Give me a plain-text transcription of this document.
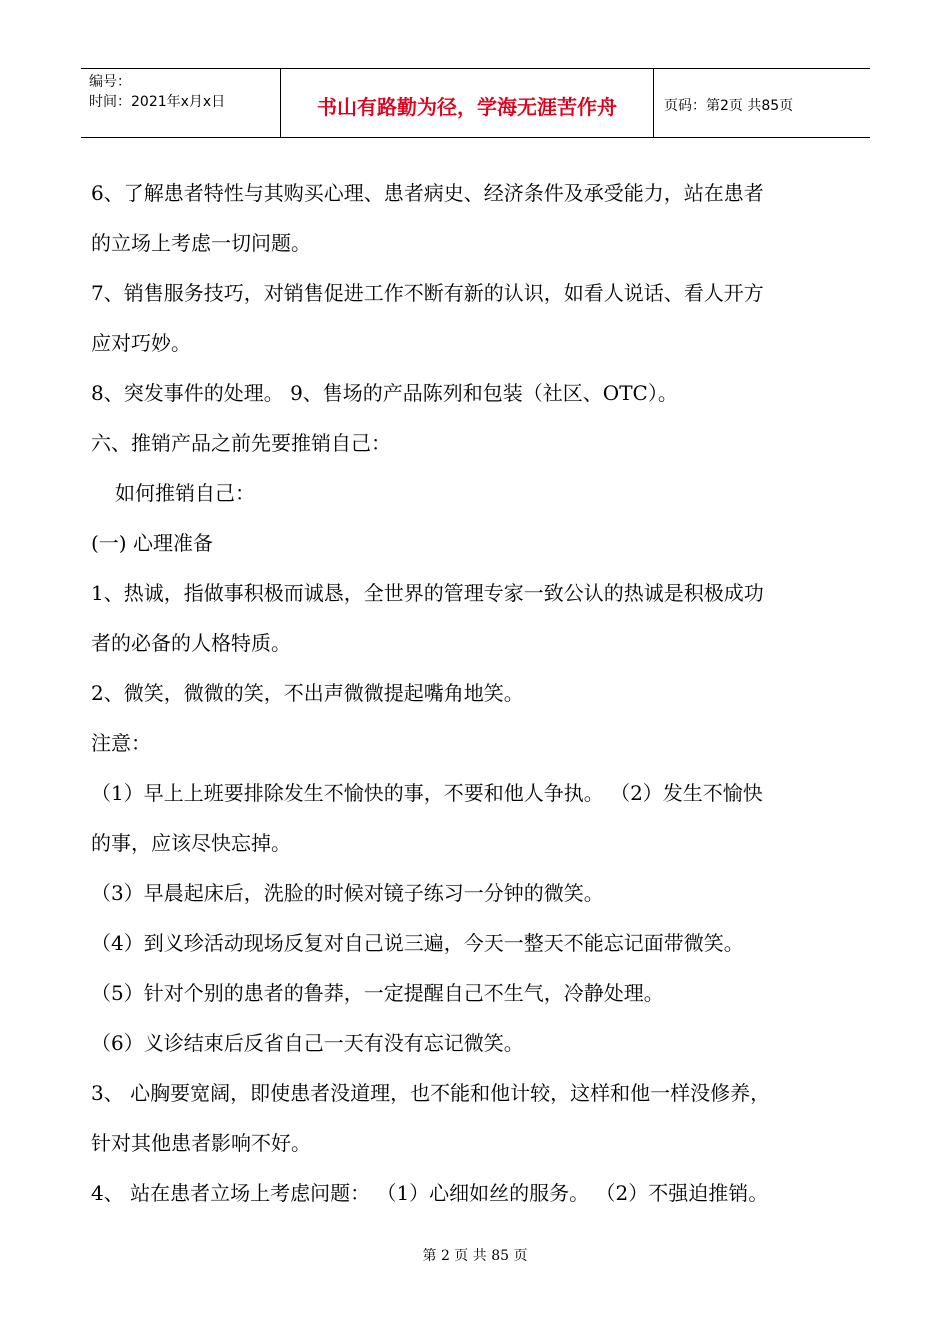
编号：
时间：2021年x月x日	书山有路勤为径，学海无涯苦作舟	页码：第2页 共85页
6、了解患者特性与其购买心理、患者病史、经济条件及承受能力，站在患者
的立场上考虑一切问题。
7、销售服务技巧，对销售促进工作不断有新的认识，如看人说话、看人开方
应对巧妙。
8、突发事件的处理。 9、售场的产品陈列和包装（社区、OTC）。
六、推销产品之前先要推销自己：
如何推销自己：
(一) 心理准备
1、热诚，指做事积极而诚恳，全世界的管理专家一致公认的热诚是积极成功
者的必备的人格特质。
2、微笑，微微的笑，不出声微微提起嘴角地笑。
注意：
（1）早上上班要排除发生不愉快的事，不要和他人争执。 （2）发生不愉快
的事，应该尽快忘掉。
（3）早晨起床后，洗脸的时候对镜子练习一分钟的微笑。
（4）到义珍活动现场反复对自己说三遍，今天一整天不能忘记面带微笑。
（5）针对个别的患者的鲁莽，一定提醒自己不生气，冷静处理。
（6）义诊结束后反省自己一天有没有忘记微笑。
3、 心胸要宽阔，即使患者没道理，也不能和他计较，这样和他一样没修养，
针对其他患者影响不好。
4、 站在患者立场上考虑问题： （1）心细如丝的服务。 （2）不强迫推销。
第 2 页 共 85 页
